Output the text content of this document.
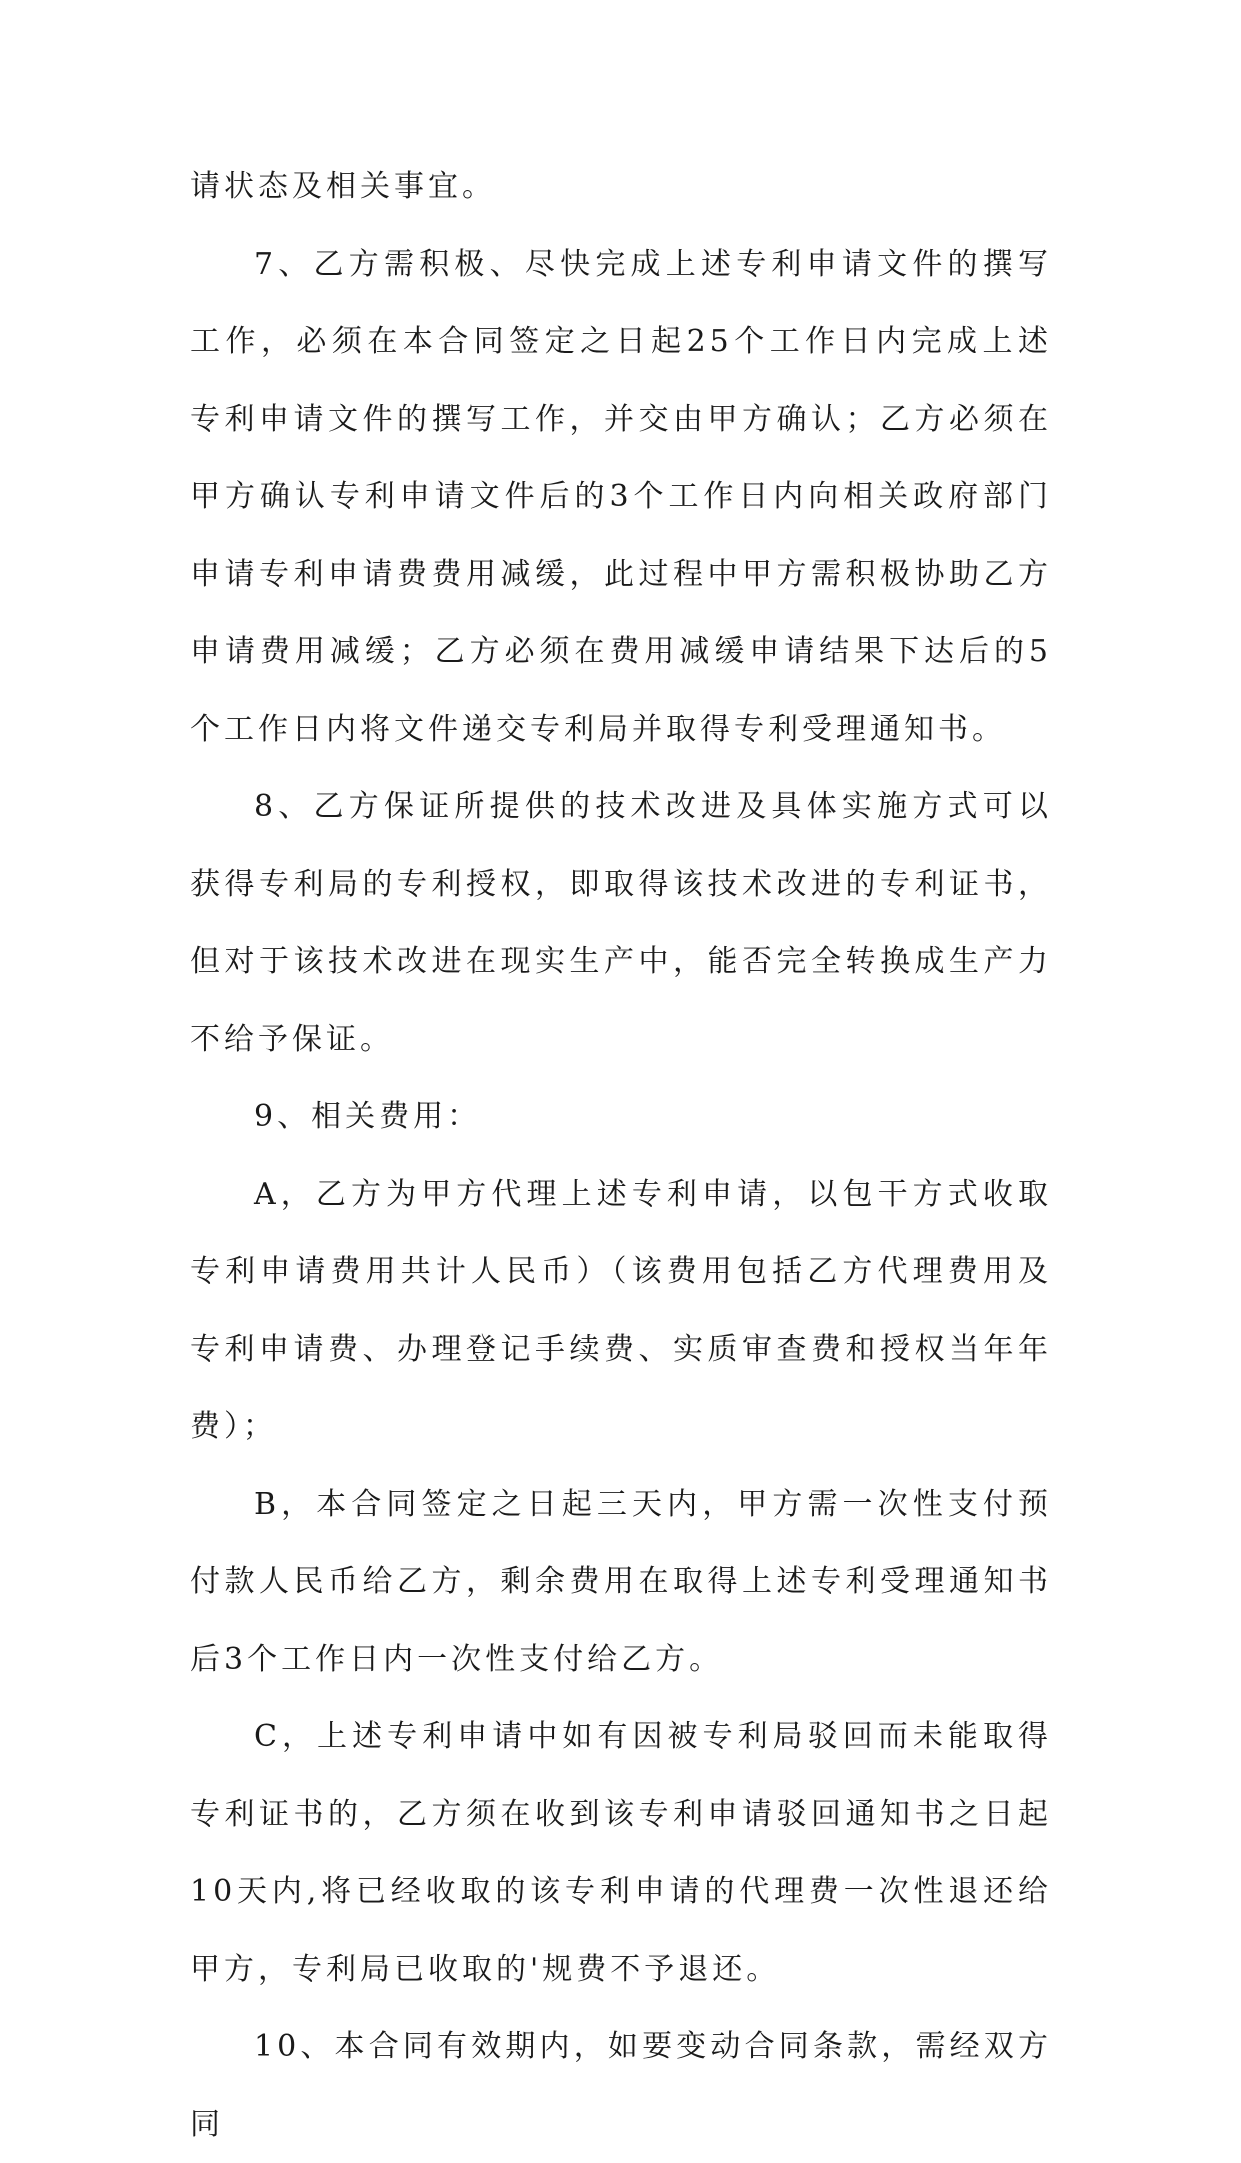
请状态及相关事宜。

7、乙方需积极、尽快完成上述专利申请文件的撰写工作，必须在本合同签定之日起25个工作日内完成上述专利申请文件的撰写工作，并交由甲方确认；乙方必须在甲方确认专利申请文件后的3个工作日内向相关政府部门申请专利申请费费用减缓，此过程中甲方需积极协助乙方申请费用减缓；乙方必须在费用减缓申请结果下达后的5个工作日内将文件递交专利局并取得专利受理通知书。

8、乙方保证所提供的技术改进及具体实施方式可以获得专利局的专利授权，即取得该技术改进的专利证书，但对于该技术改进在现实生产中，能否完全转换成生产力不给予保证。

9、相关费用：

A，乙方为甲方代理上述专利申请，以包干方式收取专利申请费用共计人民币）（该费用包括乙方代理费用及专利申请费、办理登记手续费、实质审查费和授权当年年费）；

B，本合同签定之日起三天内，甲方需一次性支付预付款人民币给乙方，剩余费用在取得上述专利受理通知书后3个工作日内一次性支付给乙方。

C，上述专利申请中如有因被专利局驳回而未能取得专利证书的，乙方须在收到该专利申请驳回通知书之日起10天内,将已经收取的该专利申请的代理费一次性退还给甲方，专利局已收取的'规费不予退还。

10、本合同有效期内，如要变动合同条款，需经双方同
